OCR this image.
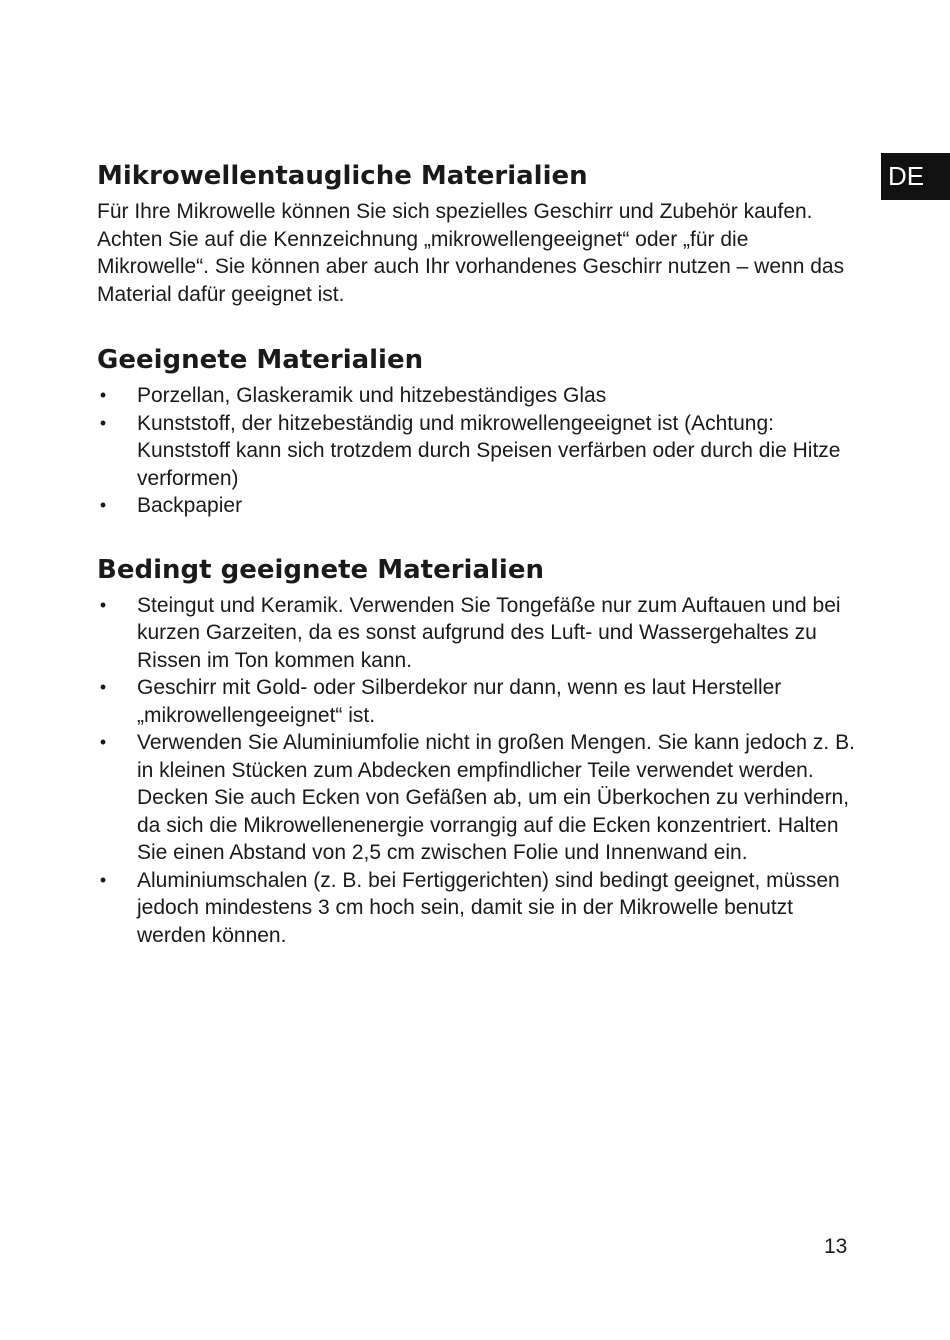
DE
Mikrowellentaugliche Materialien

Für Ihre Mikrowelle können Sie sich spezielles Geschirr und Zubehör kaufen. Achten Sie auf die Kennzeichnung „mikrowellengeeignet“ oder „für die Mikrowelle“. Sie können aber auch Ihr vorhandenes Geschirr nutzen – wenn das Material dafür geeignet ist.

Geeignete Materialien
• Porzellan, Glaskeramik und hitzebeständiges Glas
• Kunststoff, der hitzebeständig und mikrowellengeeignet ist (Achtung: Kunststoff kann sich trotzdem durch Speisen verfärben oder durch die Hitze verformen)
• Backpapier
Bedingt geeignete Materialien
• Steingut und Keramik. Verwenden Sie Tongefäße nur zum Auftauen und bei kurzen Garzeiten, da es sonst aufgrund des Luft- und Wassergehaltes zu Rissen im Ton kommen kann.
• Geschirr mit Gold- oder Silberdekor nur dann, wenn es laut Hersteller „mikrowellengeeignet“ ist.
• Verwenden Sie Aluminiumfolie nicht in großen Mengen. Sie kann jedoch z. B. in kleinen Stücken zum Abdecken empfindlicher Teile verwendet werden. Decken Sie auch Ecken von Gefäßen ab, um ein Überkochen zu verhindern, da sich die Mikrowellenenergie vorrangig auf die Ecken konzentriert. Halten Sie einen Abstand von 2,5 cm zwischen Folie und Innenwand ein.
• Aluminiumschalen (z. B. bei Fertiggerichten) sind bedingt geeignet, müssen jedoch mindestens 3 cm hoch sein, damit sie in der Mikrowelle benutzt werden können.
13
